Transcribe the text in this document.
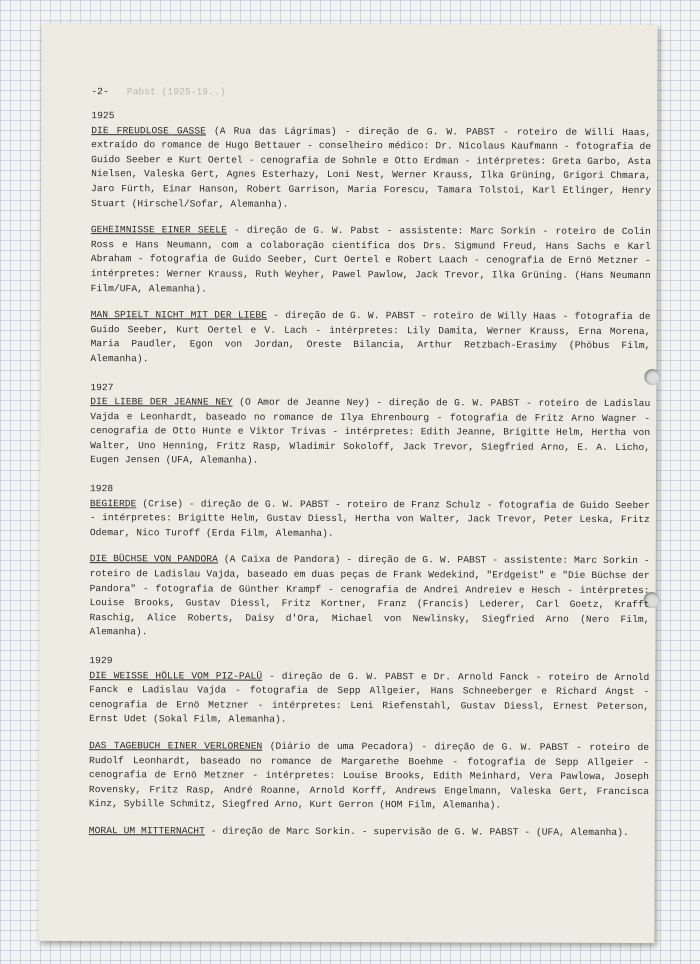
-2- Pabst (1925-19..)
1925

DIE FREUDLOSE GASSE (A Rua das Lágrimas) - direção de G. W. PABST - roteiro de Willi Haas, extraído do romance de Hugo Bettauer - conselheiro médico: Dr. Nicolaus Kaufmann - fotografia de Guido Seeber e Kurt Oertel - cenografia de Sohnle e Otto Erdman - intérpretes: Greta Garbo, Asta Nielsen, Valeska Gert, Agnes Esterhazy, Loni Nest, Werner Krauss, Ilka Grüning, Grigori Chmara, Jaro Fürth, Einar Hanson, Robert Garrison, Maria Forescu, Tamara Tolstoi, Karl Etlinger, Henry Stuart (Hirschel/Sofar, Alemanha).

GEHEIMNISSE EINER SEELE - direção de G. W. Pabst - assistente: Marc Sorkin - roteiro de Colin Ross e Hans Neumann, com a colaboração científica dos Drs. Sigmund Freud, Hans Sachs e Karl Abraham - fotografia de Guido Seeber, Curt Oertel e Robert Laach - cenografia de Ernö Metzner - intérpretes: Werner Krauss, Ruth Weyher, Pawel Pawlow, Jack Trevor, Ilka Grüning. (Hans Neumann Film/UFA, Alemanha).

MAN SPIELT NICHT MIT DER LIEBE - direção de G. W. PABST - roteiro de Willy Haas - fotografia de Guido Seeber, Kurt Oertel e V. Lach - intérpretes: Lily Damita, Werner Krauss, Erna Morena, Maria Paudler, Egon von Jordan, Oreste Bilancia, Arthur Retzbach-Erasimy (Phöbus Film, Alemanha).

1927

DIE LIEBE DER JEANNE NEY (O Amor de Jeanne Ney) - direção de G. W. PABST - roteiro de Ladislau Vajda e Leonhardt, baseado no romance de Ilya Ehrenbourg - fotografia de Fritz Arno Wagner - cenografia de Otto Hunte e Viktor Trivas - intérpretes: Edith Jeanne, Brigitte Helm, Hertha von Walter, Uno Henning, Fritz Rasp, Wladimir Sokoloff, Jack Trevor, Siegfried Arno, E. A. Licho, Eugen Jensen (UFA, Alemanha).

1928

BEGIERDE (Crise) - direção de G. W. PABST - roteiro de Franz Schulz - fotografia de Guido Seeber - intérpretes: Brigitte Helm, Gustav Diessl, Hertha von Walter, Jack Trevor, Peter Leska, Fritz Odemar, Nico Turoff (Erda Film, Alemanha).

DIE BÜCHSE VON PANDORA (A Caixa de Pandora) - direção de G. W. PABST - assistente: Marc Sorkin - roteiro de Ladislau Vajda, baseado em duas peças de Frank Wedekind, "Erdgeist" e "Die Büchse der Pandora" - fotografia de Günther Krampf - cenografia de Andrei Andreiev e Hesch - intérpretes: Louise Brooks, Gustav Diessl, Fritz Kortner, Franz (Francis) Lederer, Carl Goetz, Krafft Raschig, Alice Roberts, Daisy d'Ora, Michael von Newlinsky, Siegfried Arno (Nero Film, Alemanha).

1929

DIE WEISSE HÖLLE VOM PIZ-PALÜ - direção de G. W. PABST e Dr. Arnold Fanck - roteiro de Arnold Fanck e Ladislau Vajda - fotografia de Sepp Allgeier, Hans Schneeberger e Richard Angst - cenografia de Ernö Metzner - intérpretes: Leni Riefenstahl, Gustav Diessl, Ernest Peterson, Ernst Udet (Sokal Film, Alemanha).

DAS TAGEBUCH EINER VERLORENEN (Diário de uma Pecadora) - direção de G. W. PABST - roteiro de Rudolf Leonhardt, baseado no romance de Margarethe Boehme - fotografia de Sepp Allgeier - cenografia de Ernö Metzner - intérpretes: Louise Brooks, Edith Meinhard, Vera Pawlowa, Joseph Rovensky, Fritz Rasp, André Roanne, Arnold Korff, Andrews Engelmann, Valeska Gert, Francisca Kinz, Sybille Schmitz, Siegfred Arno, Kurt Gerron (HOM Film, Alemanha).

MORAL UM MITTERNACHT - direção de Marc Sorkin. - supervisão de G. W. PABST - (UFA, Alemanha).
